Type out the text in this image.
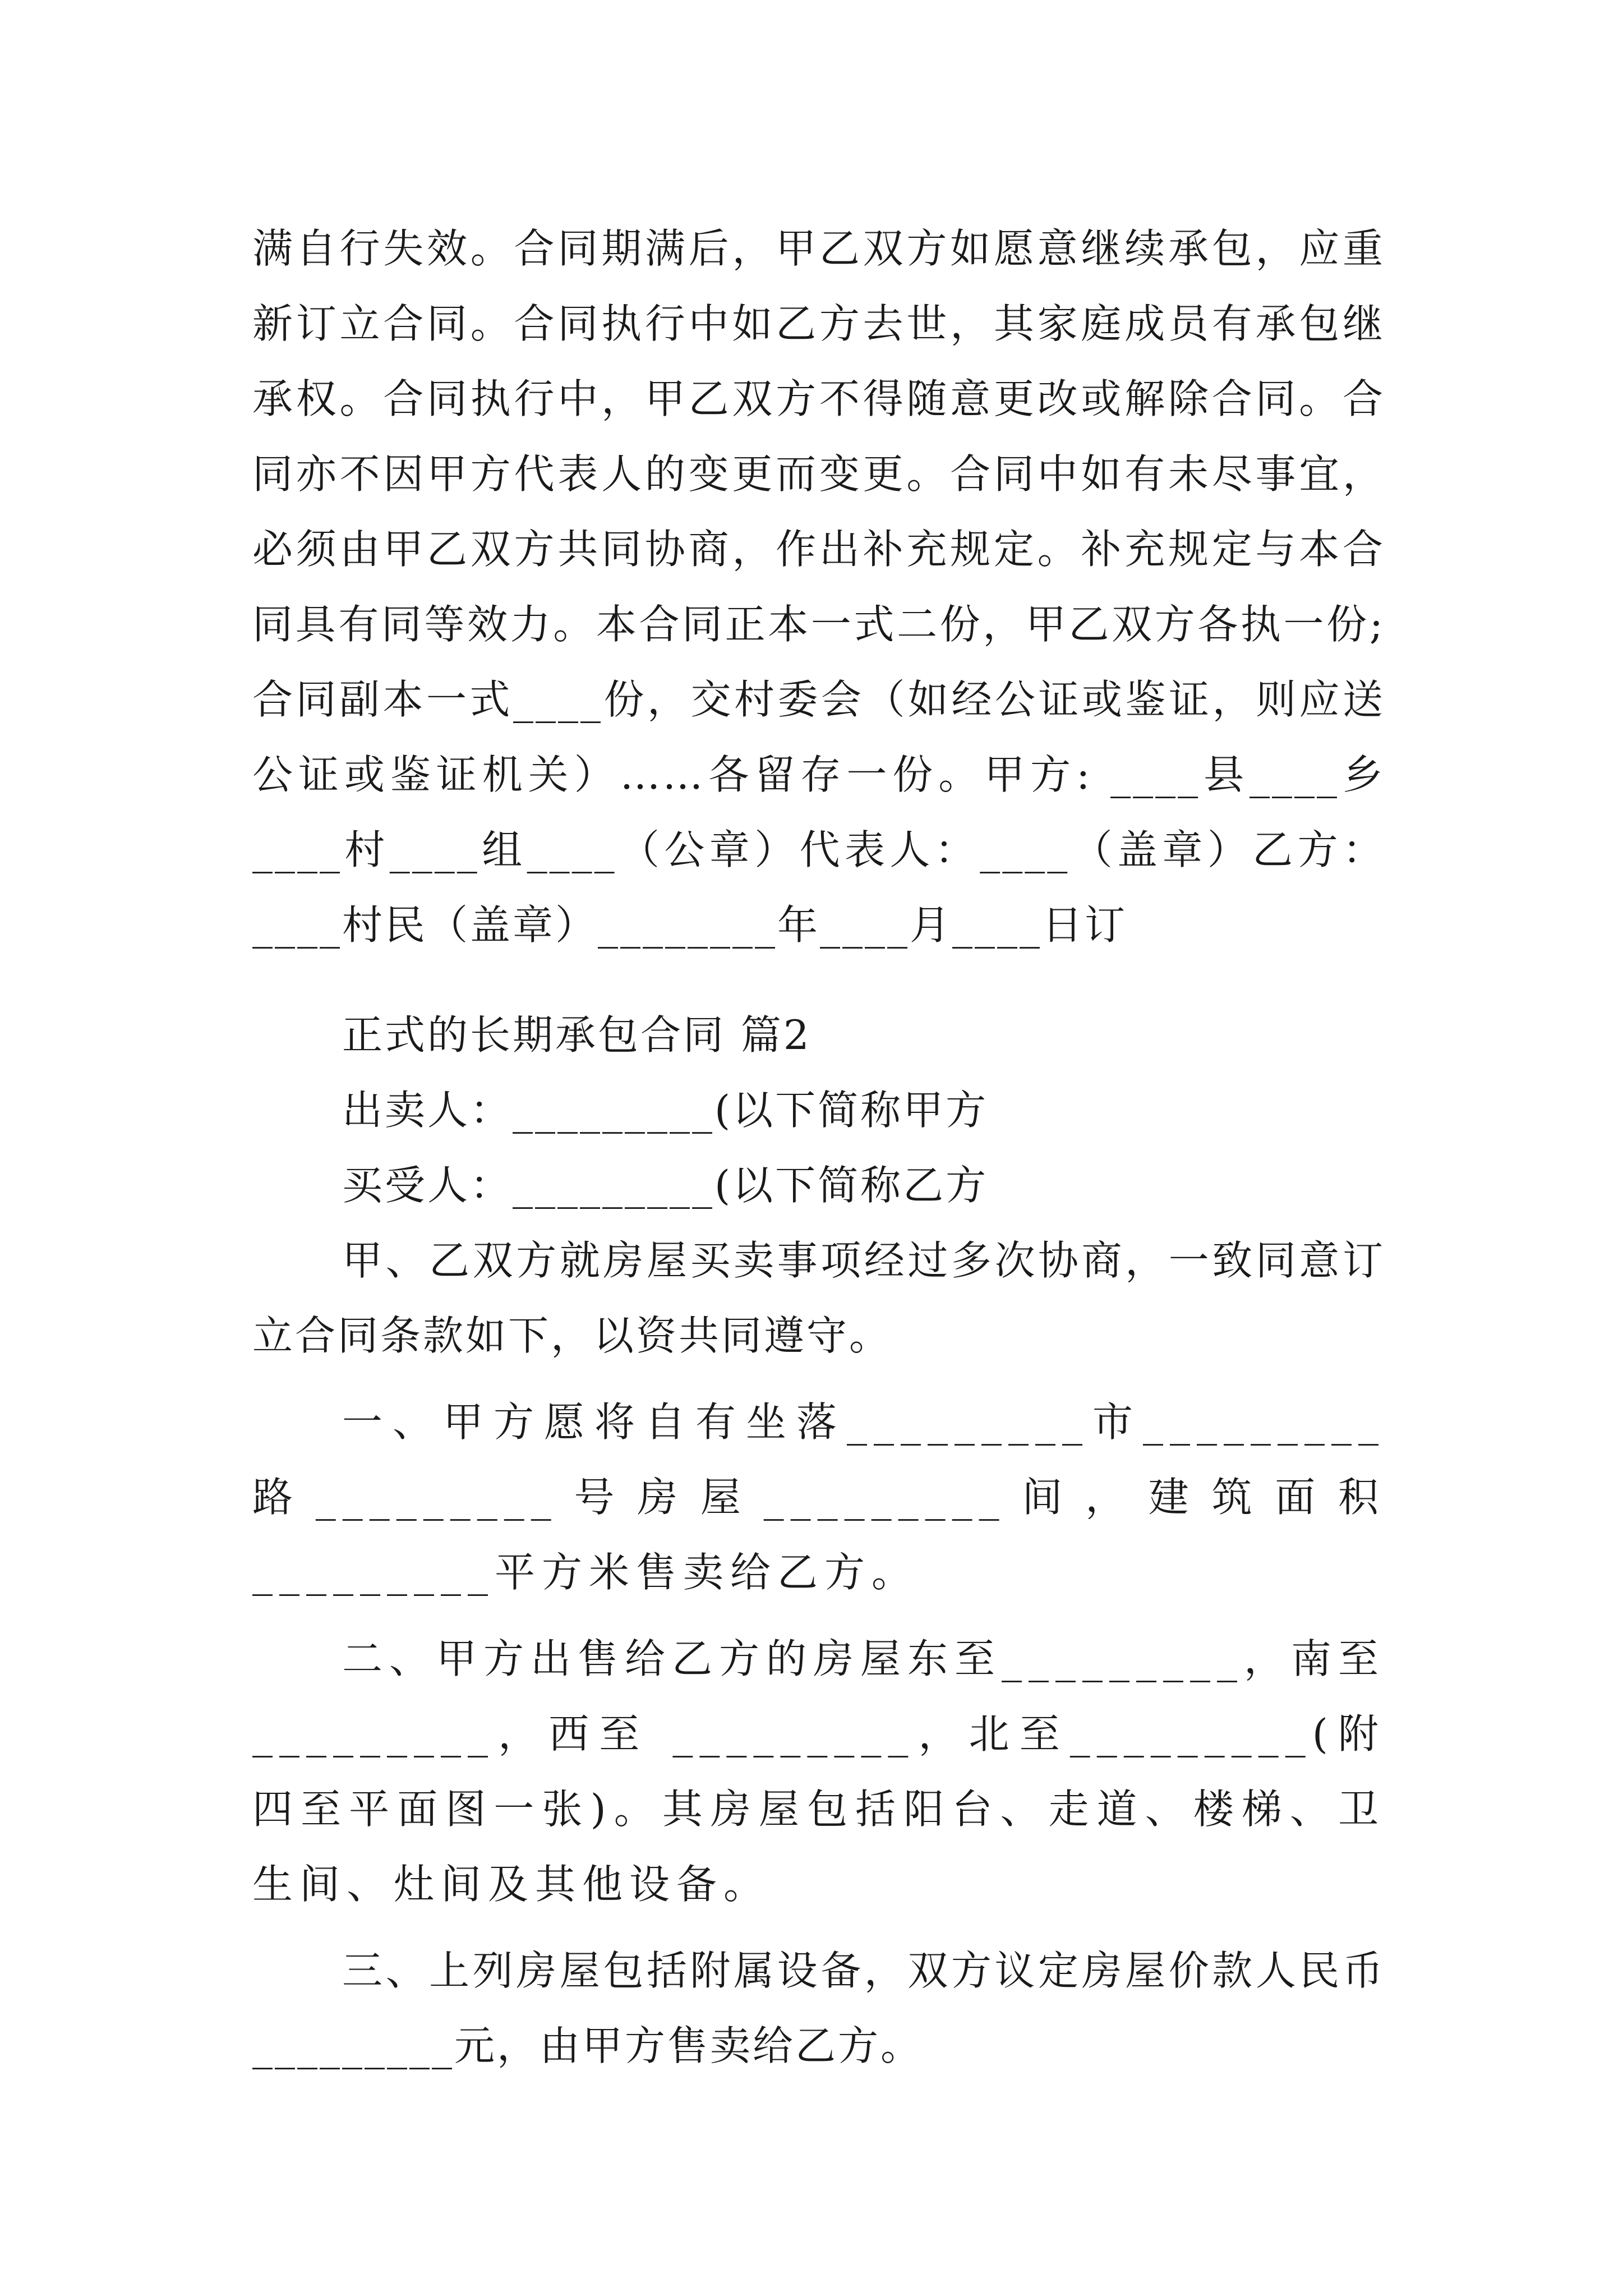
满自行失效。合同期满后，甲乙双方如愿意继续承包，应重新订立合同。合同执行中如乙方去世，其家庭成员有承包继承权。合同执行中，甲乙双方不得随意更改或解除合同。合同亦不因甲方代表人的变更而变更。合同中如有未尽事宜，必须由甲乙双方共同协商，作出补充规定。补充规定与本合同具有同等效力。本合同正本一式二份，甲乙双方各执一份;合同副本一式____份，交村委会（如经公证或鉴证，则应送公证或鉴证机关）……各留存一份。甲方: ____县____乡____村____组____（公章）代表人：____（盖章）乙方：____村民（盖章）________年____月____日订
正式的长期承包合同 篇2
出卖人：_________(以下简称甲方
买受人：_________(以下简称乙方
甲、乙双方就房屋买卖事项经过多次协商，一致同意订立合同条款如下，以资共同遵守。
一、甲方愿将自有坐落_________市_________路_________号房屋_________间，建筑面积_________平方米售卖给乙方。
二、甲方出售给乙方的房屋东至_________，南至_________，西至 _________，北至_________(附四至平面图一张)。其房屋包括阳台、走道、楼梯、卫生间、灶间及其他设备。
三、上列房屋包括附属设备，双方议定房屋价款人民币_________元，由甲方售卖给乙方。
